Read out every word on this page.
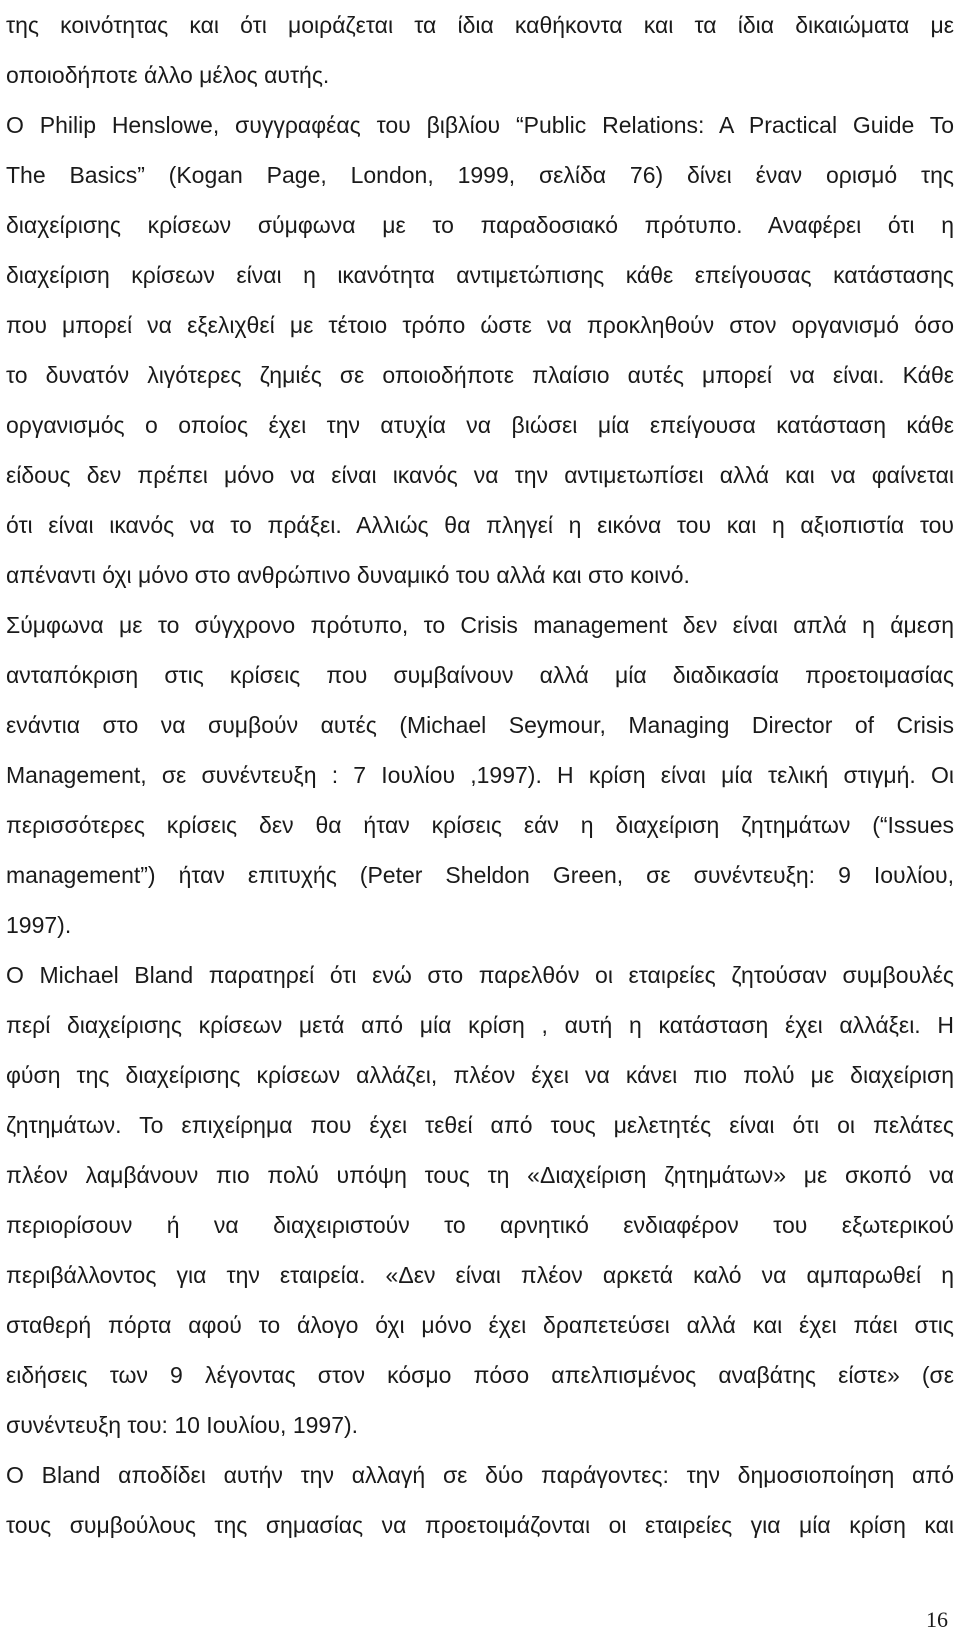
της κοινότητας και ότι μοιράζεται τα ίδια καθήκοντα και τα ίδια δικαιώματα με
οποιοδήποτε άλλο μέλος αυτής.
Ο Philip Henslowe, συγγραφέας του βιβλίου “Public Relations: A Practical Guide To
The Basics” (Kogan Page, London, 1999, σελίδα 76) δίνει έναν ορισμό της
διαχείρισης κρίσεων σύμφωνα με το παραδοσιακό πρότυπο. Αναφέρει ότι η
διαχείριση κρίσεων είναι η ικανότητα αντιμετώπισης κάθε επείγουσας κατάστασης
που μπορεί να εξελιχθεί με τέτοιο τρόπο ώστε να προκληθούν στον οργανισμό όσο
το δυνατόν λιγότερες ζημιές σε οποιοδήποτε πλαίσιο αυτές μπορεί να είναι. Κάθε
οργανισμός ο οποίος έχει την ατυχία να βιώσει μία επείγουσα κατάσταση κάθε
είδους δεν πρέπει μόνο να είναι ικανός να την αντιμετωπίσει αλλά και να φαίνεται
ότι είναι ικανός να το πράξει. Αλλιώς θα πληγεί η εικόνα του και η αξιοπιστία του
απέναντι όχι μόνο στο ανθρώπινο δυναμικό του αλλά και στο κοινό.
Σύμφωνα με το σύγχρονο πρότυπο, το Crisis management δεν είναι απλά η άμεση
ανταπόκριση στις κρίσεις που συμβαίνουν αλλά μία διαδικασία προετοιμασίας
ενάντια στο να συμβούν αυτές (Michael Seymour, Managing Director of Crisis
Management, σε συνέντευξη : 7 Ιουλίου ,1997). Η κρίση είναι μία τελική στιγμή. Οι
περισσότερες κρίσεις δεν θα ήταν κρίσεις εάν η διαχείριση ζητημάτων (“Issues
management”) ήταν επιτυχής (Peter Sheldon Green, σε συνέντευξη: 9 Ιουλίου,
1997).
Ο Michael Bland παρατηρεί ότι ενώ στο παρελθόν οι εταιρείες ζητούσαν συμβουλές
περί διαχείρισης κρίσεων μετά από μία κρίση , αυτή η κατάσταση έχει αλλάξει. Η
φύση της διαχείρισης κρίσεων αλλάζει, πλέον έχει να κάνει πιο πολύ με διαχείριση
ζητημάτων. Το επιχείρημα που έχει τεθεί από τους μελετητές είναι ότι οι πελάτες
πλέον λαμβάνουν πιο πολύ υπόψη τους τη «Διαχείριση ζητημάτων» με σκοπό να
περιορίσουν ή να διαχειριστούν το αρνητικό ενδιαφέρον του εξωτερικού
περιβάλλοντος για την εταιρεία. «Δεν είναι πλέον αρκετά καλό να αμπαρωθεί η
σταθερή πόρτα αφού το άλογο όχι μόνο έχει δραπετεύσει αλλά και έχει πάει στις
ειδήσεις των 9 λέγοντας στον κόσμο πόσο απελπισμένος αναβάτης είστε» (σε
συνέντευξη του: 10 Ιουλίου, 1997).
Ο Bland αποδίδει αυτήν την αλλαγή σε δύο παράγοντες: την δημοσιοποίηση από
τους συμβούλους της σημασίας να προετοιμάζονται οι εταιρείες για μία κρίση και
16
